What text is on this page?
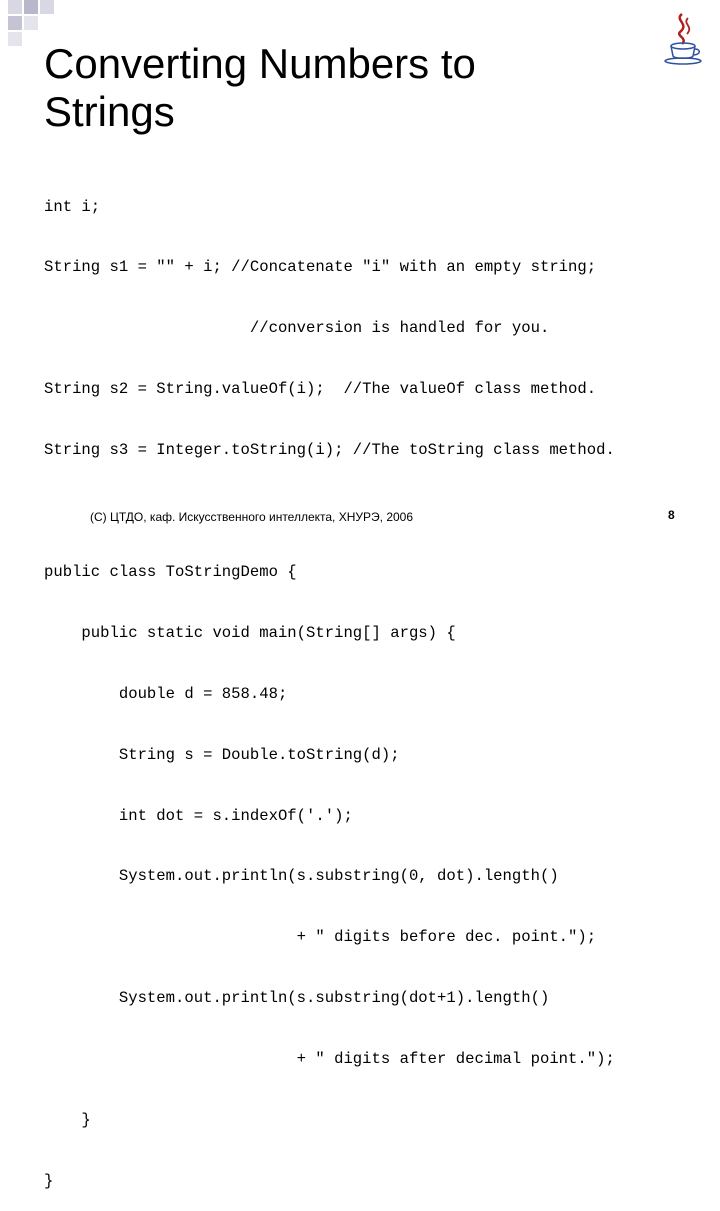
Converting Numbers to
Strings

int i;

String s1 = "" + i; //Concatenate "i" with an empty string;

//conversion is handled for you.

String s2 = String.valueOf(i);  //The valueOf class method.

String s3 = Integer.toString(i); //The toString class method.

public class ToStringDemo {

public static void main(String[] args) {

double d = 858.48;

String s = Double.toString(d);

int dot = s.indexOf('.');

System.out.println(s.substring(0, dot).length()

+ " digits before dec. point.");

System.out.println(s.substring(dot+1).length()

+ " digits after decimal point.");

}

}

(С) ЦТДО, каф. Искусственного интеллекта, ХНУРЭ, 2006	8
